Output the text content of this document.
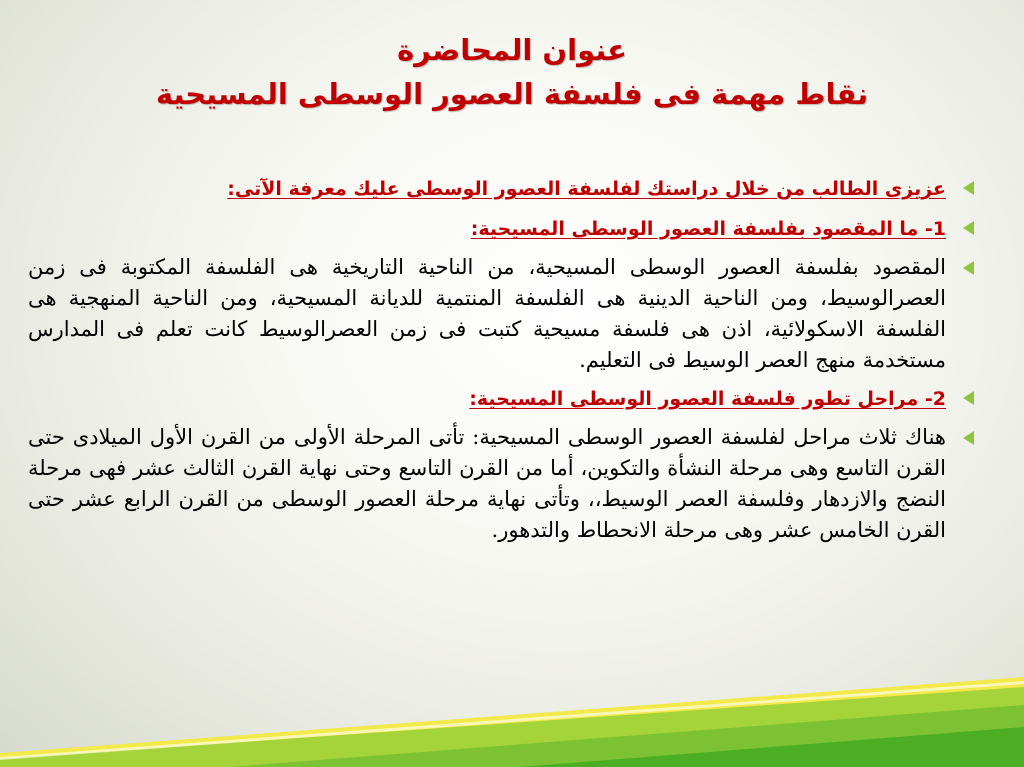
عنوان المحاضرة
نقاط مهمة فى فلسفة العصور الوسطى المسيحية
عزيزى الطالب من خلال دراستك لفلسفة العصور الوسطى عليك معرفة الآتى:
1- ما المقصود بفلسفة العصور الوسطى المسيحية:
المقصود بفلسفة العصور الوسطى المسيحية، من الناحية التاريخية هى الفلسفة المكتوبة فى زمن العصرالوسيط، ومن الناحية الدينية هى الفلسفة المنتمية للديانة المسيحية، ومن الناحية المنهجية هى الفلسفة الاسكولائية، اذن هى فلسفة مسيحية كتبت فى زمن العصرالوسيط كانت تعلم فى المدارس مستخدمة منهج العصر الوسيط فى التعليم.
2- مراحل تطور فلسفة العصور الوسطى المسيحية:
هناك ثلاث مراحل لفلسفة العصور الوسطى المسيحية: تأتى المرحلة الأولى من القرن الأول الميلادى حتى القرن التاسع وهى مرحلة النشأة والتكوين، أما من القرن التاسع وحتى نهاية القرن الثالث عشر فهى مرحلة النضج والازدهار وفلسفة العصر الوسيط،، وتأتى نهاية مرحلة العصور الوسطى من القرن الرابع عشر حتى القرن الخامس عشر وهى مرحلة الانحطاط والتدهور.
